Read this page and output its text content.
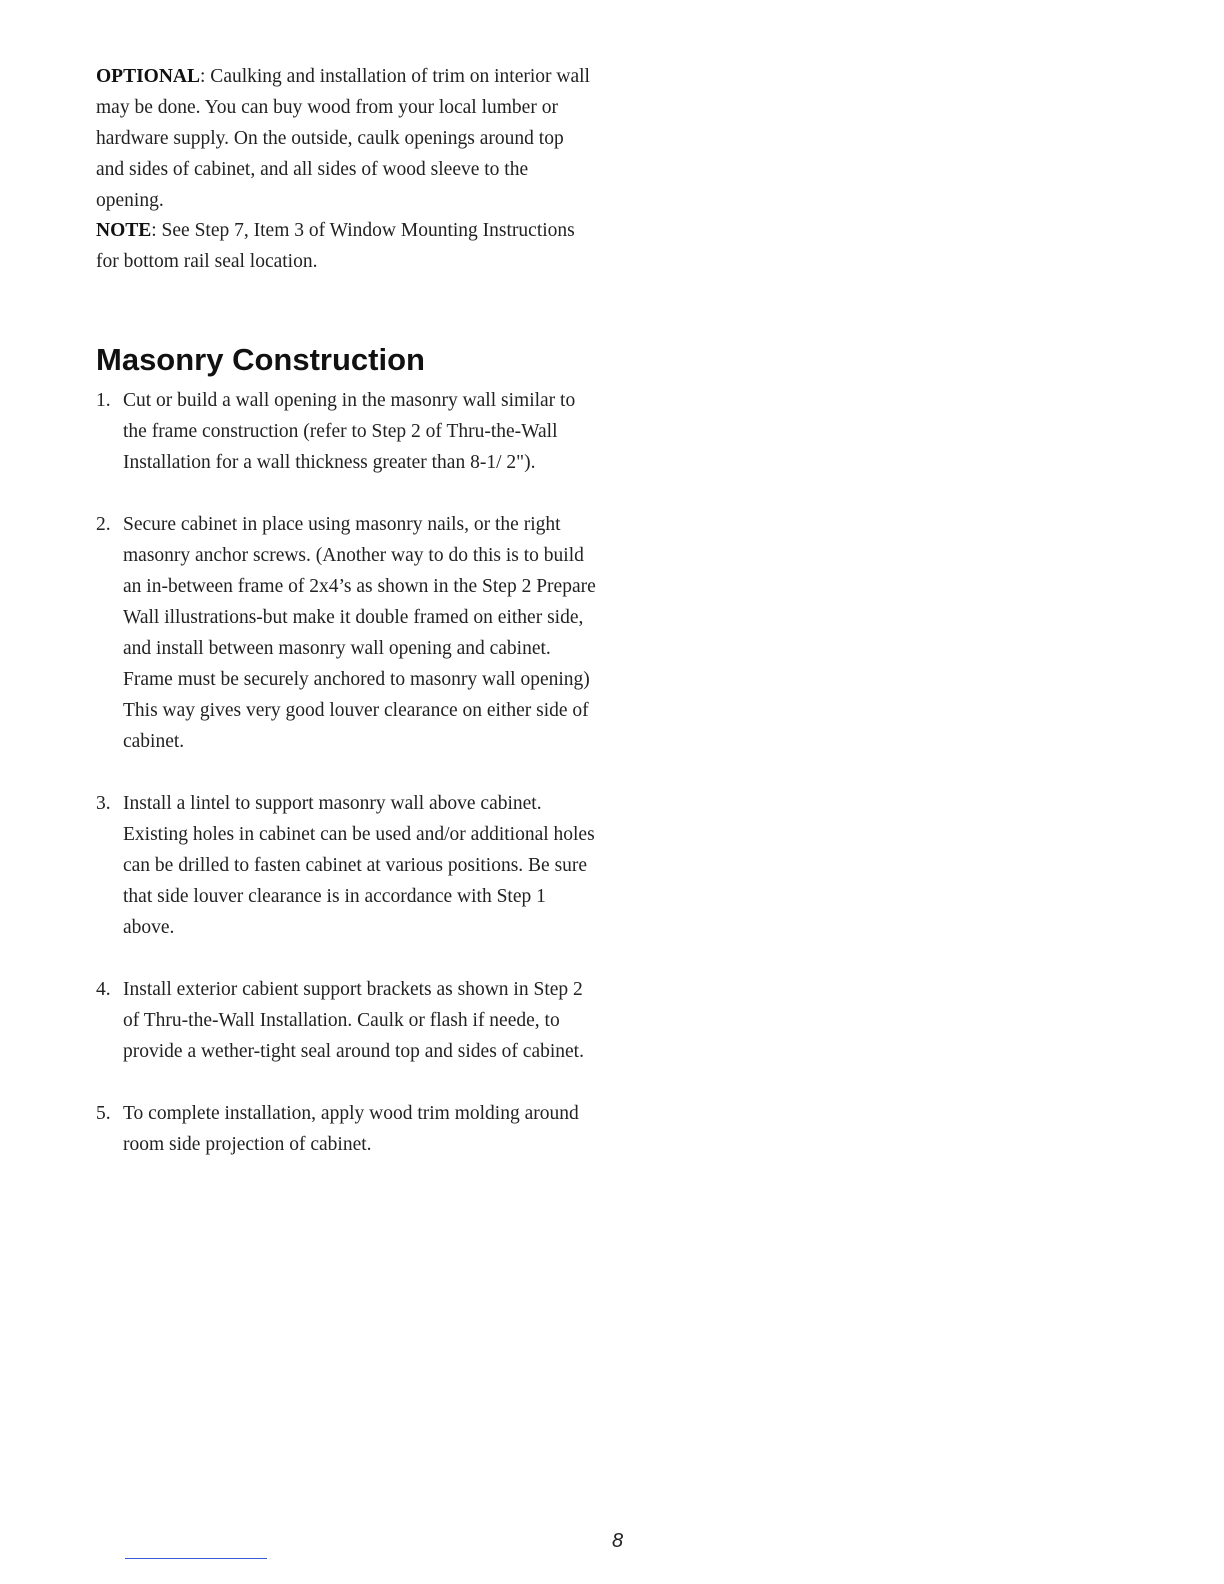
OPTIONAL: Caulking and installation of trim on interior wall may be done. You can buy wood from your local lumber or hardware supply. On the outside, caulk openings around top and sides of cabinet, and all sides of wood sleeve to the opening.

NOTE: See Step 7, Item 3 of Window Mounting Instructions for bottom rail seal location.

Masonry Construction
1. Cut or build a wall opening in the masonry wall similar to the frame construction (refer to Step 2 of Thru-the-Wall Installation for a wall thickness greater than 8-1/ 2").
2. Secure cabinet in place using masonry nails, or the right masonry anchor screws. (Another way to do this is to build an in-between frame of 2x4’s as shown in the Step 2 Prepare Wall illustrations-but make it double framed on either side, and install between masonry wall opening and cabinet. Frame must be securely anchored to masonry wall opening) This way gives very good louver clearance on either side of cabinet.
3. Install a lintel to support masonry wall above cabinet. Existing holes in cabinet can be used and/or additional holes can be drilled to fasten cabinet at various positions. Be sure that side louver clearance is in accordance with Step 1 above.
4. Install exterior cabient support brackets as shown in Step 2 of Thru-the-Wall Installation. Caulk or flash if neede, to provide a wether-tight seal around top and sides of cabinet.
5. To complete installation, apply wood trim molding around room side projection of cabinet.
8
